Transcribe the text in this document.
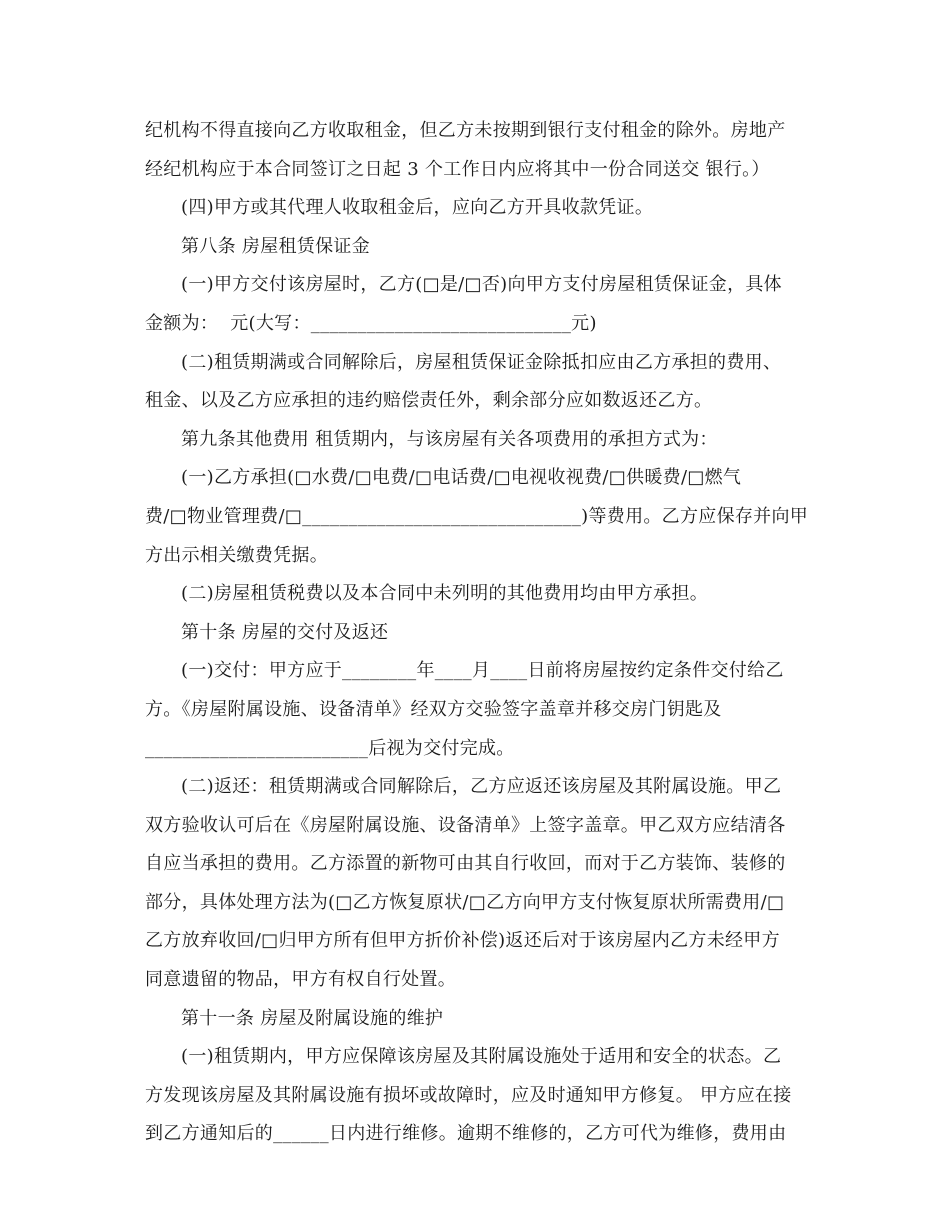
纪机构不得直接向乙方收取租金，但乙方未按期到银行支付租金的除外。房地产
经纪机构应于本合同签订之日起 3 个工作日内应将其中一份合同送交 银行。）
(四)甲方或其代理人收取租金后，应向乙方开具收款凭证。
第八条 房屋租赁保证金
(一)甲方交付该房屋时，乙方(□是/□否)向甲方支付房屋租赁保证金，具体
金额为：  元(大写：____________________________元)
(二)租赁期满或合同解除后，房屋租赁保证金除抵扣应由乙方承担的费用、
租金、以及乙方应承担的违约赔偿责任外，剩余部分应如数返还乙方。
第九条其他费用 租赁期内，与该房屋有关各项费用的承担方式为：
(一)乙方承担(□水费/□电费/□电话费/□电视收视费/□供暖费/□燃气
费/□物业管理费/□______________________________)等费用。乙方应保存并向甲
方出示相关缴费凭据。
(二)房屋租赁税费以及本合同中未列明的其他费用均由甲方承担。
第十条 房屋的交付及返还
(一)交付：甲方应于________年____月____日前将房屋按约定条件交付给乙
方。《房屋附属设施、设备清单》经双方交验签字盖章并移交房门钥匙及
________________________后视为交付完成。
(二)返还：租赁期满或合同解除后，乙方应返还该房屋及其附属设施。甲乙
双方验收认可后在《房屋附属设施、设备清单》上签字盖章。甲乙双方应结清各
自应当承担的费用。乙方添置的新物可由其自行收回，而对于乙方装饰、装修的
部分，具体处理方法为(□乙方恢复原状/□乙方向甲方支付恢复原状所需费用/□
乙方放弃收回/□归甲方所有但甲方折价补偿)返还后对于该房屋内乙方未经甲方
同意遗留的物品，甲方有权自行处置。
第十一条 房屋及附属设施的维护
(一)租赁期内，甲方应保障该房屋及其附属设施处于适用和安全的状态。乙
方发现该房屋及其附属设施有损坏或故障时，应及时通知甲方修复。 甲方应在接
到乙方通知后的______日内进行维修。逾期不维修的，乙方可代为维修，费用由
